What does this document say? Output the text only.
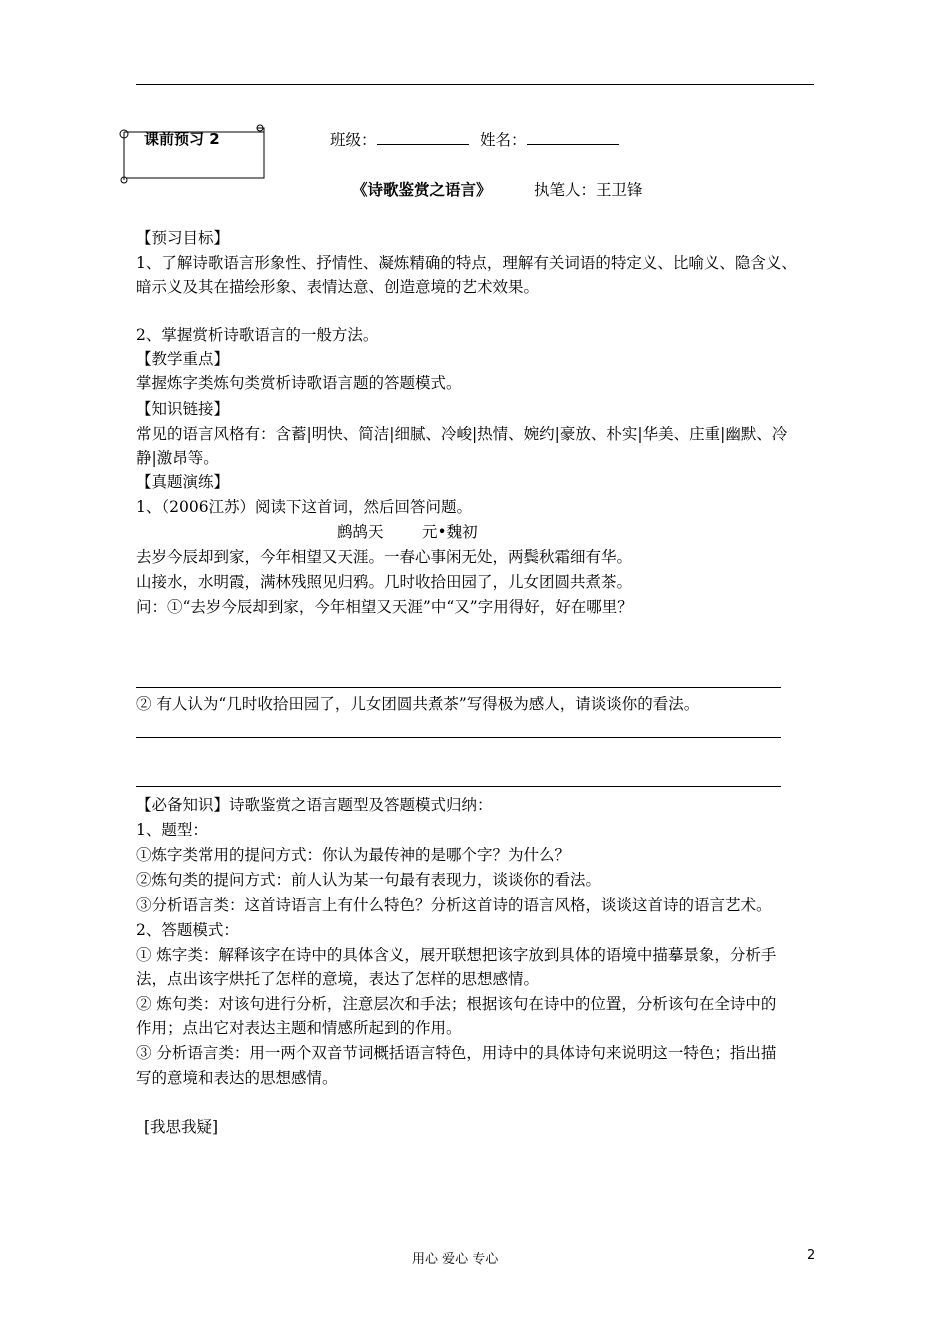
课前预习 2	班级：	姓名：
《诗歌鉴赏之语言》	执笔人：王卫锋
【预习目标】
1、了解诗歌语言形象性、抒情性、凝炼精确的特点，理解有关词语的特定义、比喻义、隐含义、
暗示义及其在描绘形象、表情达意、创造意境的艺术效果。
2、掌握赏析诗歌语言的一般方法。
【教学重点】
掌握炼字类炼句类赏析诗歌语言题的答题模式。
【知识链接】
常见的语言风格有：含蓄|明快、简洁|细腻、冷峻|热情、婉约|豪放、朴实|华美、庄重|幽默、冷
静|激昂等。
【真题演练】
1、（2006江苏）阅读下这首词，然后回答问题。
鹧鸪天 元•魏初
去岁今辰却到家，今年相望又天涯。一春心事闲无处，两鬓秋霜细有华。
山接水，水明霞，满林残照见归鸦。几时收拾田园了，儿女团圆共煮茶。
问：①“去岁今辰却到家，今年相望又天涯”中“又”字用得好，好在哪里？
② 有人认为“几时收拾田园了，儿女团圆共煮茶”写得极为感人，请谈谈你的看法。
【必备知识】诗歌鉴赏之语言题型及答题模式归纳：
1、题型：
①炼字类常用的提问方式：你认为最传神的是哪个字？为什么？
②炼句类的提问方式：前人认为某一句最有表现力，谈谈你的看法。
③分析语言类：这首诗语言上有什么特色？分析这首诗的语言风格，谈谈这首诗的语言艺术。
2、答题模式：
① 炼字类：解释该字在诗中的具体含义，展开联想把该字放到具体的语境中描摹景象，分析手
法，点出该字烘托了怎样的意境，表达了怎样的思想感情。
② 炼句类：对该句进行分析，注意层次和手法；根据该句在诗中的位置，分析该句在全诗中的
作用；点出它对表达主题和情感所起到的作用。
③ 分析语言类：用一两个双音节词概括语言特色，用诗中的具体诗句来说明这一特色；指出描
写的意境和表达的思想感情。
[我思我疑]
用心 爱心 专心	2
